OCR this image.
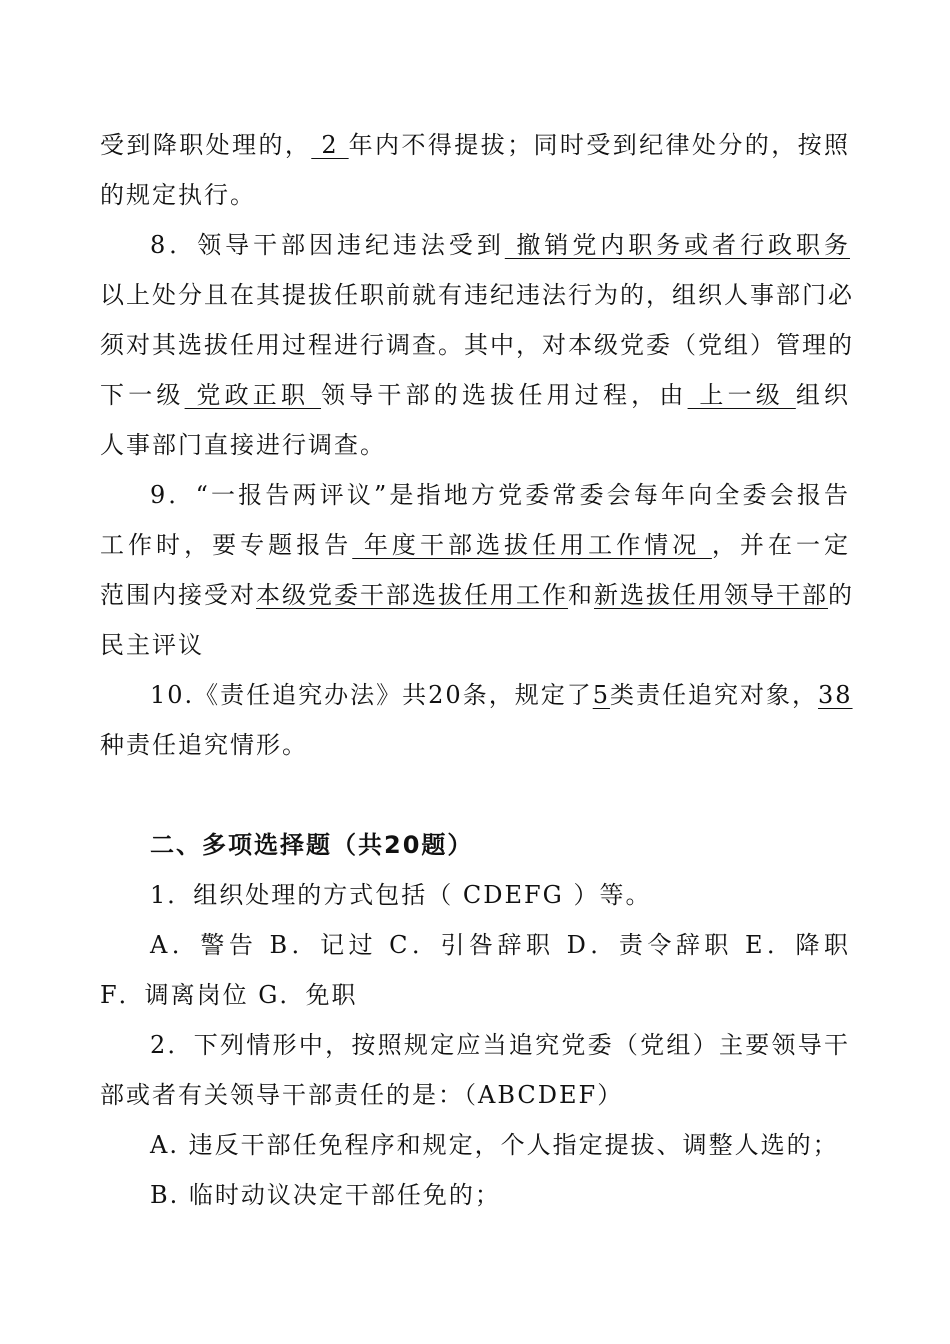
受到降职处理的， 2 年内不得提拔；同时受到纪律处分的，按照
的规定执行。
8．领导干部因违纪违法受到 撤销党内职务或者行政职务
以上处分且在其提拔任职前就有违纪违法行为的，组织人事部门必
须对其选拔任用过程进行调查。其中，对本级党委（党组）管理的
下一级 党政正职 领导干部的选拔任用过程，由 上一级 组织
人事部门直接进行调查。
9．“一报告两评议”是指地方党委常委会每年向全委会报告
工作时，要专题报告 年度干部选拔任用工作情况 ，并在一定
范围内接受对本级党委干部选拔任用工作和新选拔任用领导干部的
民主评议
10.《责任追究办法》共20条，规定了5类责任追究对象，38
种责任追究情形。
二、多项选择题（共20题）
1．组织处理的方式包括（ CDEFG ）等。
A．警告 B．记过 C．引咎辞职 D．责令辞职 E．降职
F．调离岗位 G．免职
2．下列情形中，按照规定应当追究党委（党组）主要领导干
部或者有关领导干部责任的是：（ABCDEF）
A. 违反干部任免程序和规定，个人指定提拔、调整人选的；
B. 临时动议决定干部任免的；
